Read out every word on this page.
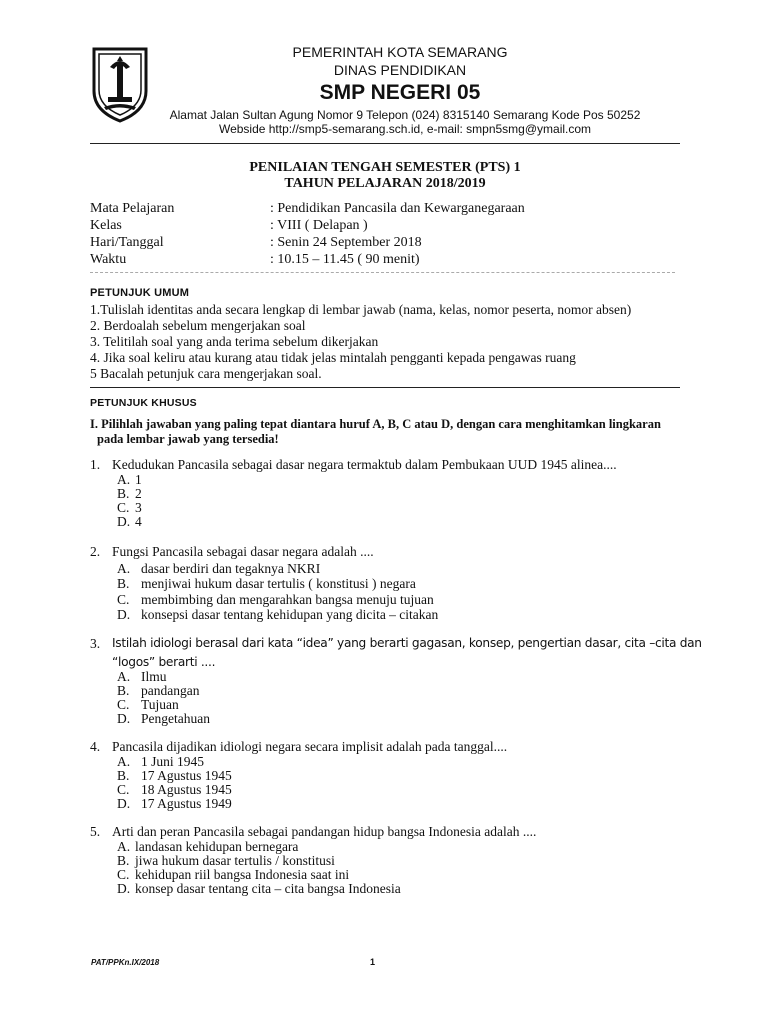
PEMERINTAH KOTA SEMARANG
DINAS PENDIDIKAN
SMP NEGERI 05
Alamat Jalan Sultan Agung Nomor 9 Telepon (024) 8315140 Semarang Kode Pos 50252
Webside http://smp5-semarang.sch.id, e-mail: smpn5smg@ymail.com
PENILAIAN TENGAH SEMESTER (PTS) 1
TAHUN PELAJARAN 2018/2019
Mata Pelajaran	: Pendidikan Pancasila dan Kewarganegaraan
Kelas	: VIII ( Delapan )
Hari/Tanggal	: Senin 24 September 2018
Waktu	: 10.15 – 11.45 ( 90 menit)
PETUNJUK UMUM
1.Tulislah identitas anda secara lengkap di lembar jawab (nama, kelas, nomor peserta, nomor absen)
2. Berdoalah sebelum mengerjakan soal
3. Telitilah soal yang anda terima sebelum dikerjakan
4. Jika soal keliru atau kurang atau tidak jelas mintalah pengganti kepada pengawas ruang
5 Bacalah petunjuk cara mengerjakan soal.
PETUNJUK KHUSUS
I. Pilihlah jawaban yang paling tepat diantara huruf A, B, C atau D, dengan cara menghitamkan lingkaran
pada lembar jawab yang tersedia!
1. Kedudukan Pancasila sebagai dasar negara termaktub dalam Pembukaan UUD 1945 alinea....
A. 1
B. 2
C. 3
D. 4
2. Fungsi Pancasila sebagai dasar negara adalah ....
A. dasar berdiri dan tegaknya NKRI
B. menjiwai hukum dasar tertulis ( konstitusi ) negara
C. membimbing dan mengarahkan bangsa menuju tujuan
D. konsepsi dasar tentang kehidupan yang dicita – citakan
3. Istilah idiologi berasal dari kata “idea” yang berarti gagasan, konsep, pengertian dasar, cita –cita dan
“logos” berarti ....
A. Ilmu
B. pandangan
C. Tujuan
D. Pengetahuan
4. Pancasila dijadikan idiologi negara secara implisit adalah pada tanggal....
A. 1 Juni 1945
B. 17 Agustus 1945
C. 18 Agustus 1945
D. 17 Agustus 1949
5. Arti dan peran Pancasila sebagai pandangan hidup bangsa Indonesia adalah ....
A. landasan kehidupan bernegara
B. jiwa hukum dasar tertulis / konstitusi
C. kehidupan riil bangsa Indonesia saat ini
D. konsep dasar tentang cita – cita bangsa Indonesia
PAT/PPKn.IX/2018	1
